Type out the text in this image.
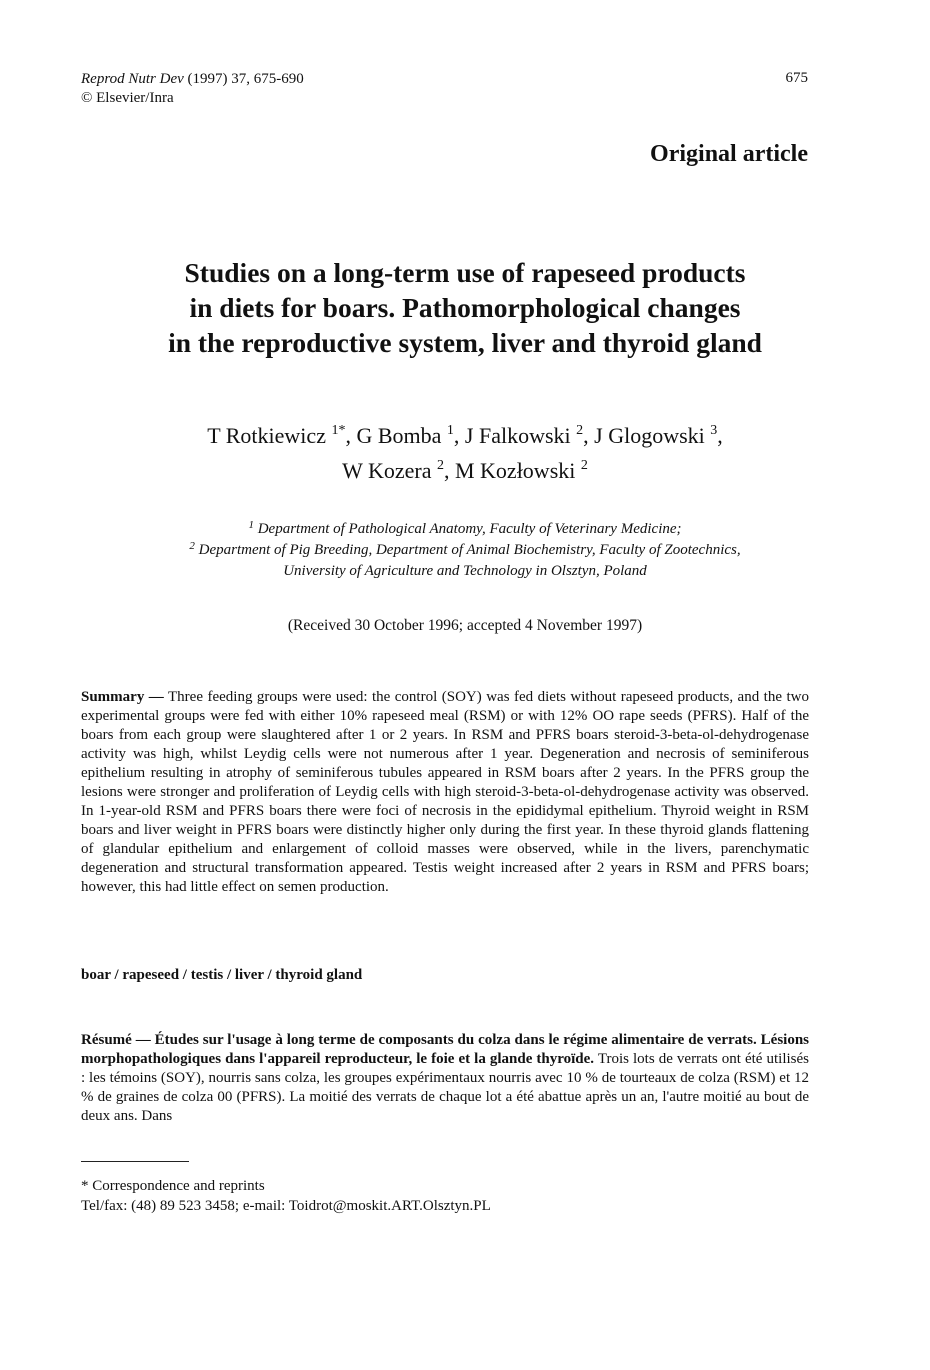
Reprod Nutr Dev (1997) 37, 675-690
© Elsevier/Inra
675
Original article
Studies on a long-term use of rapeseed products
in diets for boars. Pathomorphological changes
in the reproductive system, liver and thyroid gland
T Rotkiewicz $^{1*}$, G Bomba $^1$, J Falkowski $^2$, J Glogowski $^3$,
W Kozera $^2$, M Kozłowski $^2$
$^1$ Department of Pathological Anatomy, Faculty of Veterinary Medicine;
$^2$ Department of Pig Breeding, Department of Animal Biochemistry, Faculty of Zootechnics,
University of Agriculture and Technology in Olsztyn, Poland
(Received 30 October 1996; accepted 4 November 1997)
Summary — Three feeding groups were used: the control (SOY) was fed diets without rapeseed products, and the two experimental groups were fed with either 10% rapeseed meal (RSM) or with 12% OO rape seeds (PFRS). Half of the boars from each group were slaughtered after 1 or 2 years. In RSM and PFRS boars steroid-3-beta-ol-dehydrogenase activity was high, whilst Leydig cells were not numerous after 1 year. Degeneration and necrosis of seminiferous epithelium resulting in atrophy of seminiferous tubules appeared in RSM boars after 2 years. In the PFRS group the lesions were stronger and proliferation of Leydig cells with high steroid-3-beta-ol-dehydrogenase activity was observed. In 1-year-old RSM and PFRS boars there were foci of necrosis in the epididymal epithelium. Thyroid weight in RSM boars and liver weight in PFRS boars were distinctly higher only during the first year. In these thyroid glands flattening of glandular epithelium and enlargement of colloid masses were observed, while in the livers, parenchymatic degeneration and structural transformation appeared. Testis weight increased after 2 years in RSM and PFRS boars; however, this had little effect on semen production.
boar / rapeseed / testis / liver / thyroid gland
Résumé — Études sur l'usage à long terme de composants du colza dans le régime alimentaire de verrats. Lésions morphopathologiques dans l'appareil reproducteur, le foie et la glande thyroïde. Trois lots de verrats ont été utilisés : les témoins (SOY), nourris sans colza, les groupes expérimentaux nourris avec 10 % de tourteaux de colza (RSM) et 12 % de graines de colza 00 (PFRS). La moitié des verrats de chaque lot a été abattue après un an, l'autre moitié au bout de deux ans. Dans
* Correspondence and reprints
Tel/fax: (48) 89 523 3458; e-mail: Toidrot@moskit.ART.Olsztyn.PL
